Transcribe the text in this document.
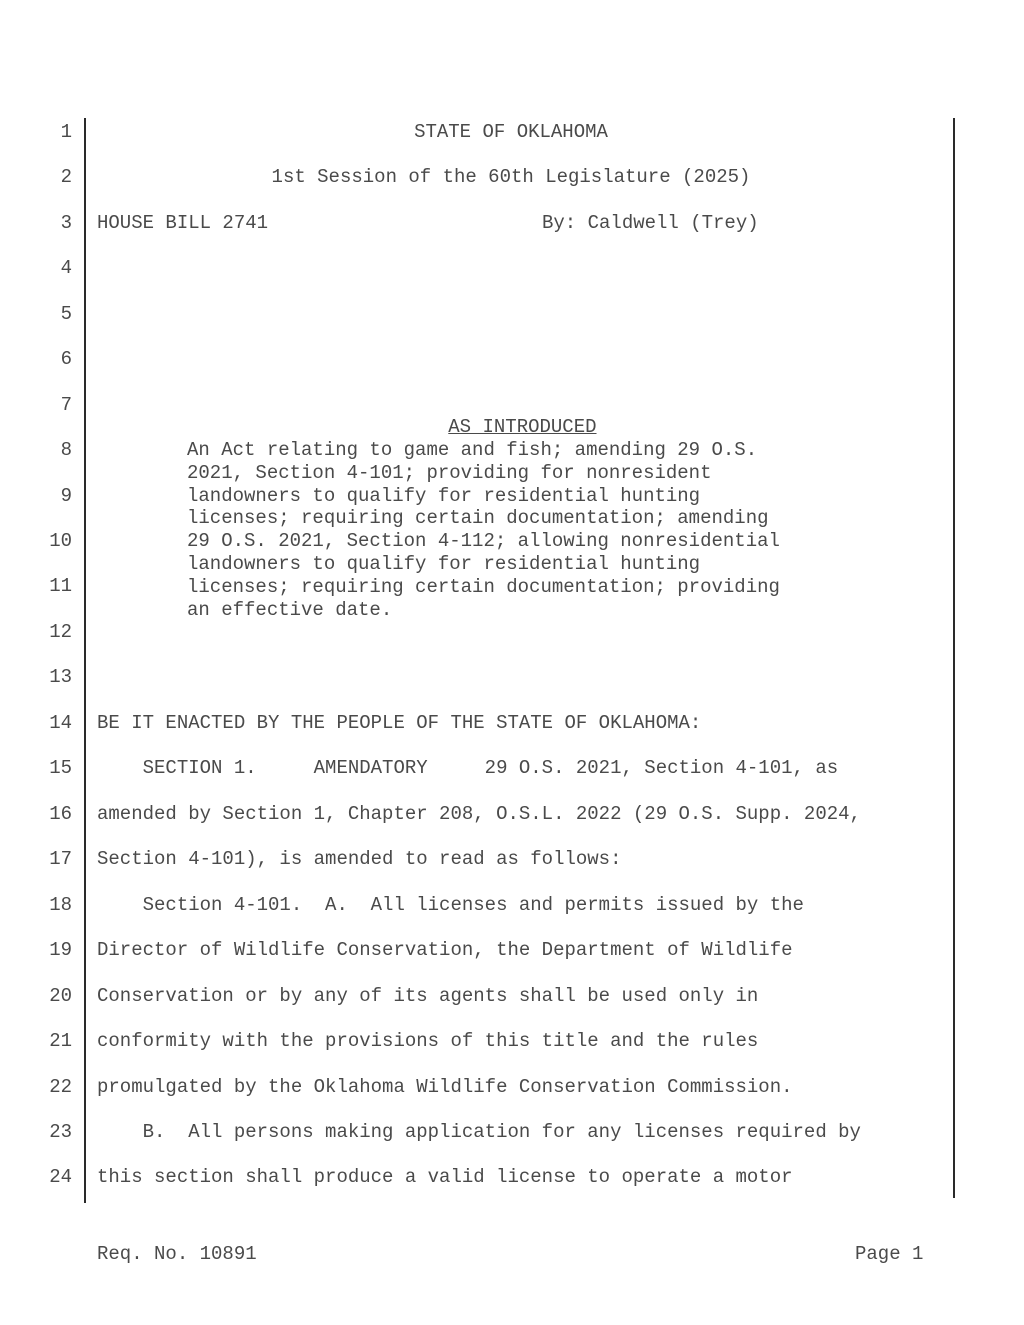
1
2
3
4
5
6
7
8
9
10
11
12
13
14
15
16
17
18
19
20
21
22
23
24
STATE OF OKLAHOMA
1st Session of the 60th Legislature (2025)
HOUSE BILL 2741	By: Caldwell (Trey)

AS INTRODUCED

An Act relating to game and fish; amending 29 O.S.
2021, Section 4-101; providing for nonresident
landowners to qualify for residential hunting
licenses; requiring certain documentation; amending
29 O.S. 2021, Section 4-112; allowing nonresidential
landowners to qualify for residential hunting
licenses; requiring certain documentation; providing
an effective date.
BE IT ENACTED BY THE PEOPLE OF THE STATE OF OKLAHOMA:
SECTION 1.     AMENDATORY     29 O.S. 2021, Section 4-101, as
amended by Section 1, Chapter 208, O.S.L. 2022 (29 O.S. Supp. 2024,
Section 4-101), is amended to read as follows:
Section 4-101.  A.  All licenses and permits issued by the
Director of Wildlife Conservation, the Department of Wildlife
Conservation or by any of its agents shall be used only in
conformity with the provisions of this title and the rules
promulgated by the Oklahoma Wildlife Conservation Commission.
B.  All persons making application for any licenses required by
this section shall produce a valid license to operate a motor
Req. No. 10891	Page 1
